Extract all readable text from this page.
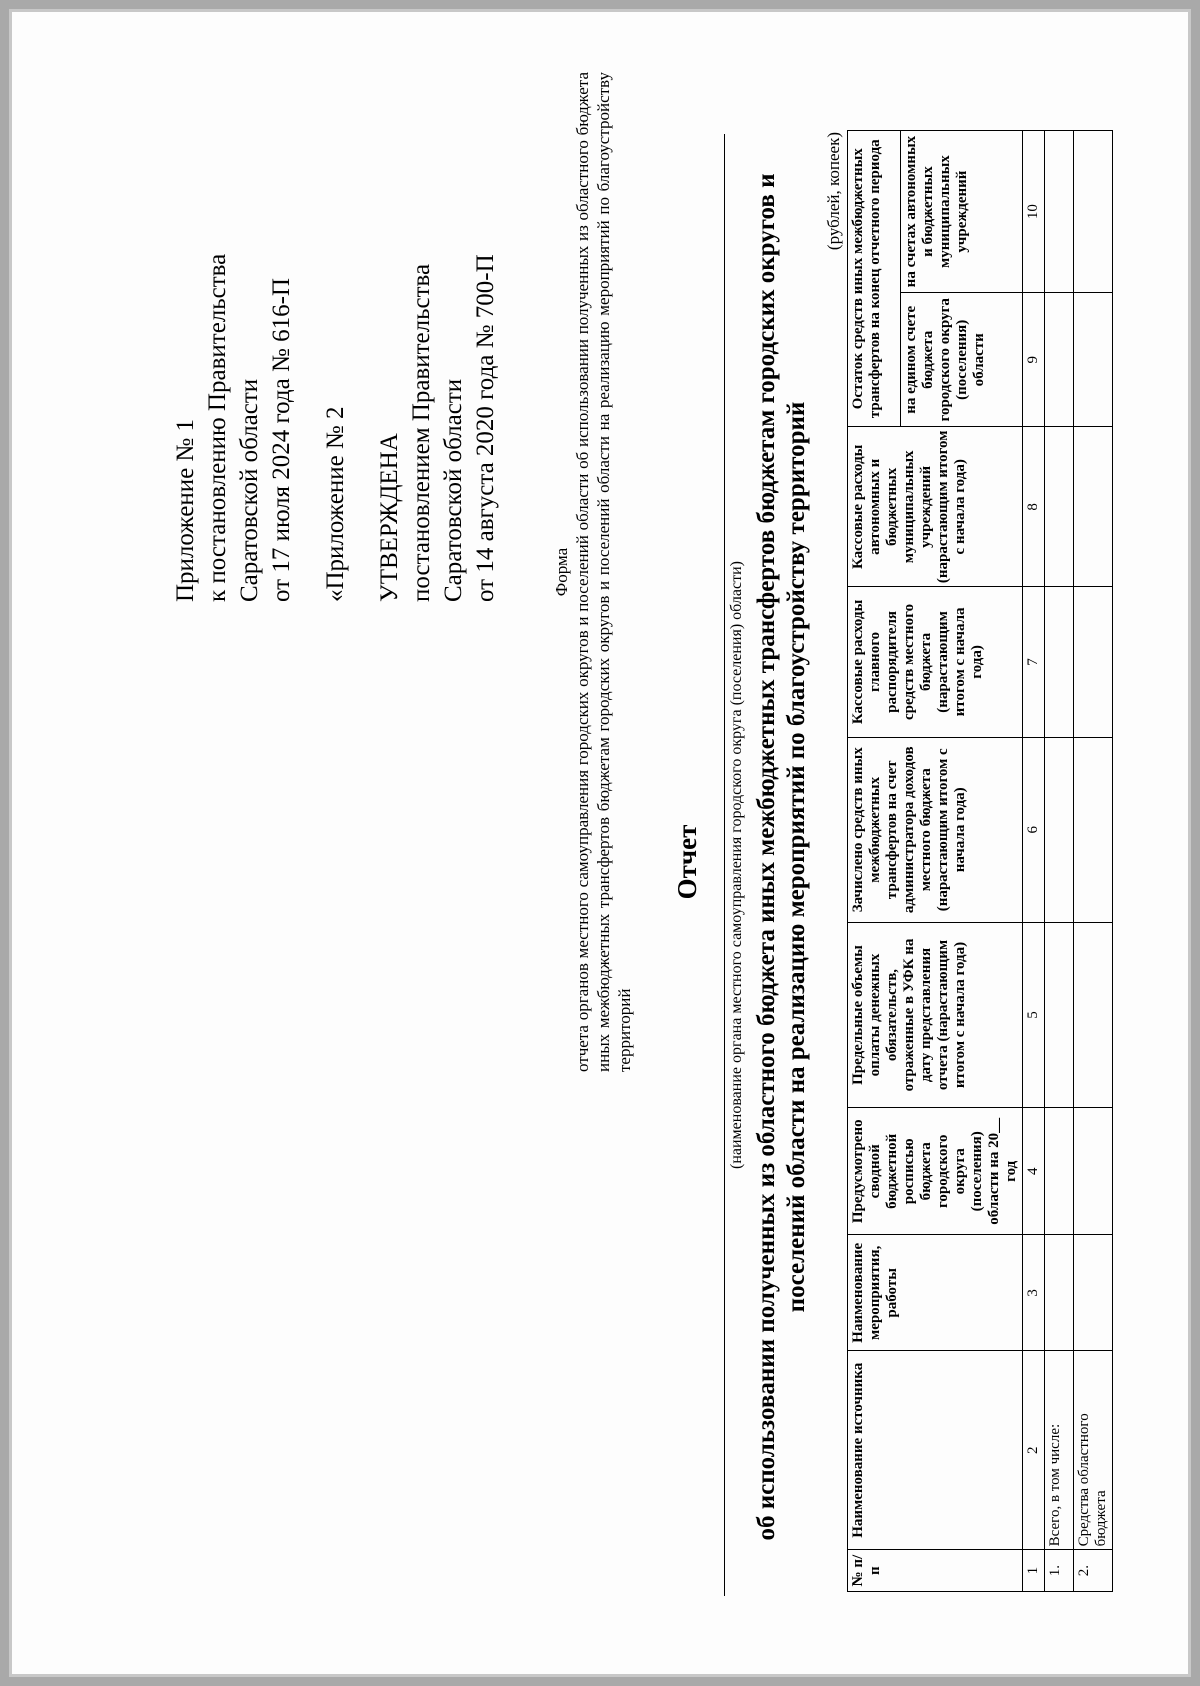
Приложение № 1 к постановлению Правительства Саратовской области от 17 июля 2024 года № 616-П «Приложение № 2 УТВЕРЖДЕНА постановлением Правительства Саратовской области от 14 августа 2020 года № 700-П	Форма отчета органов местного самоуправления городских округов и поселений области об использовании полученных из областного бюджета иных межбюджетных трансфертов бюджетам городских округов и поселений области на реализацию мероприятий по благоустройству территорий
Отчет (наименование органа местного самоуправления городского округа (поселения) области) об использовании полученных из областного бюджета иных межбюджетных трансфертов бюджетам городских округов и поселений области на реализацию мероприятий по благоустройству территорий
(рублей, копеек)
№ п/п	Наименование источника	Наименование мероприятия, работы	Предусмотрено сводной бюджетной росписью бюджета городского округа (поселения) области на 20__ год	Предельные объемы оплаты денежных обязательств, отраженные в УФК на дату представления отчета (нарастающим итогом с начала года)	Зачислено средств иных межбюджетных трансфертов на счет администратора доходов местного бюджета (нарастающим итогом с начала года)	Кассовые расходы главного распорядителя средств местного бюджета (нарастающим итогом с начала года)	Кассовые расходы автономных и бюджетных муниципальных учреждений (нарастающим итогом с начала года)	Остаток средств иных межбюджетных трансфертов на конец отчетного периода	
								на едином счете бюджета городского округа (поселения) области	на счетах автономных и бюджетных муниципальных учреждений
1	2	3	4	5	6	7	8	9	10
1.	Всего, в том числе:								
2.	Средства областного бюджета								
